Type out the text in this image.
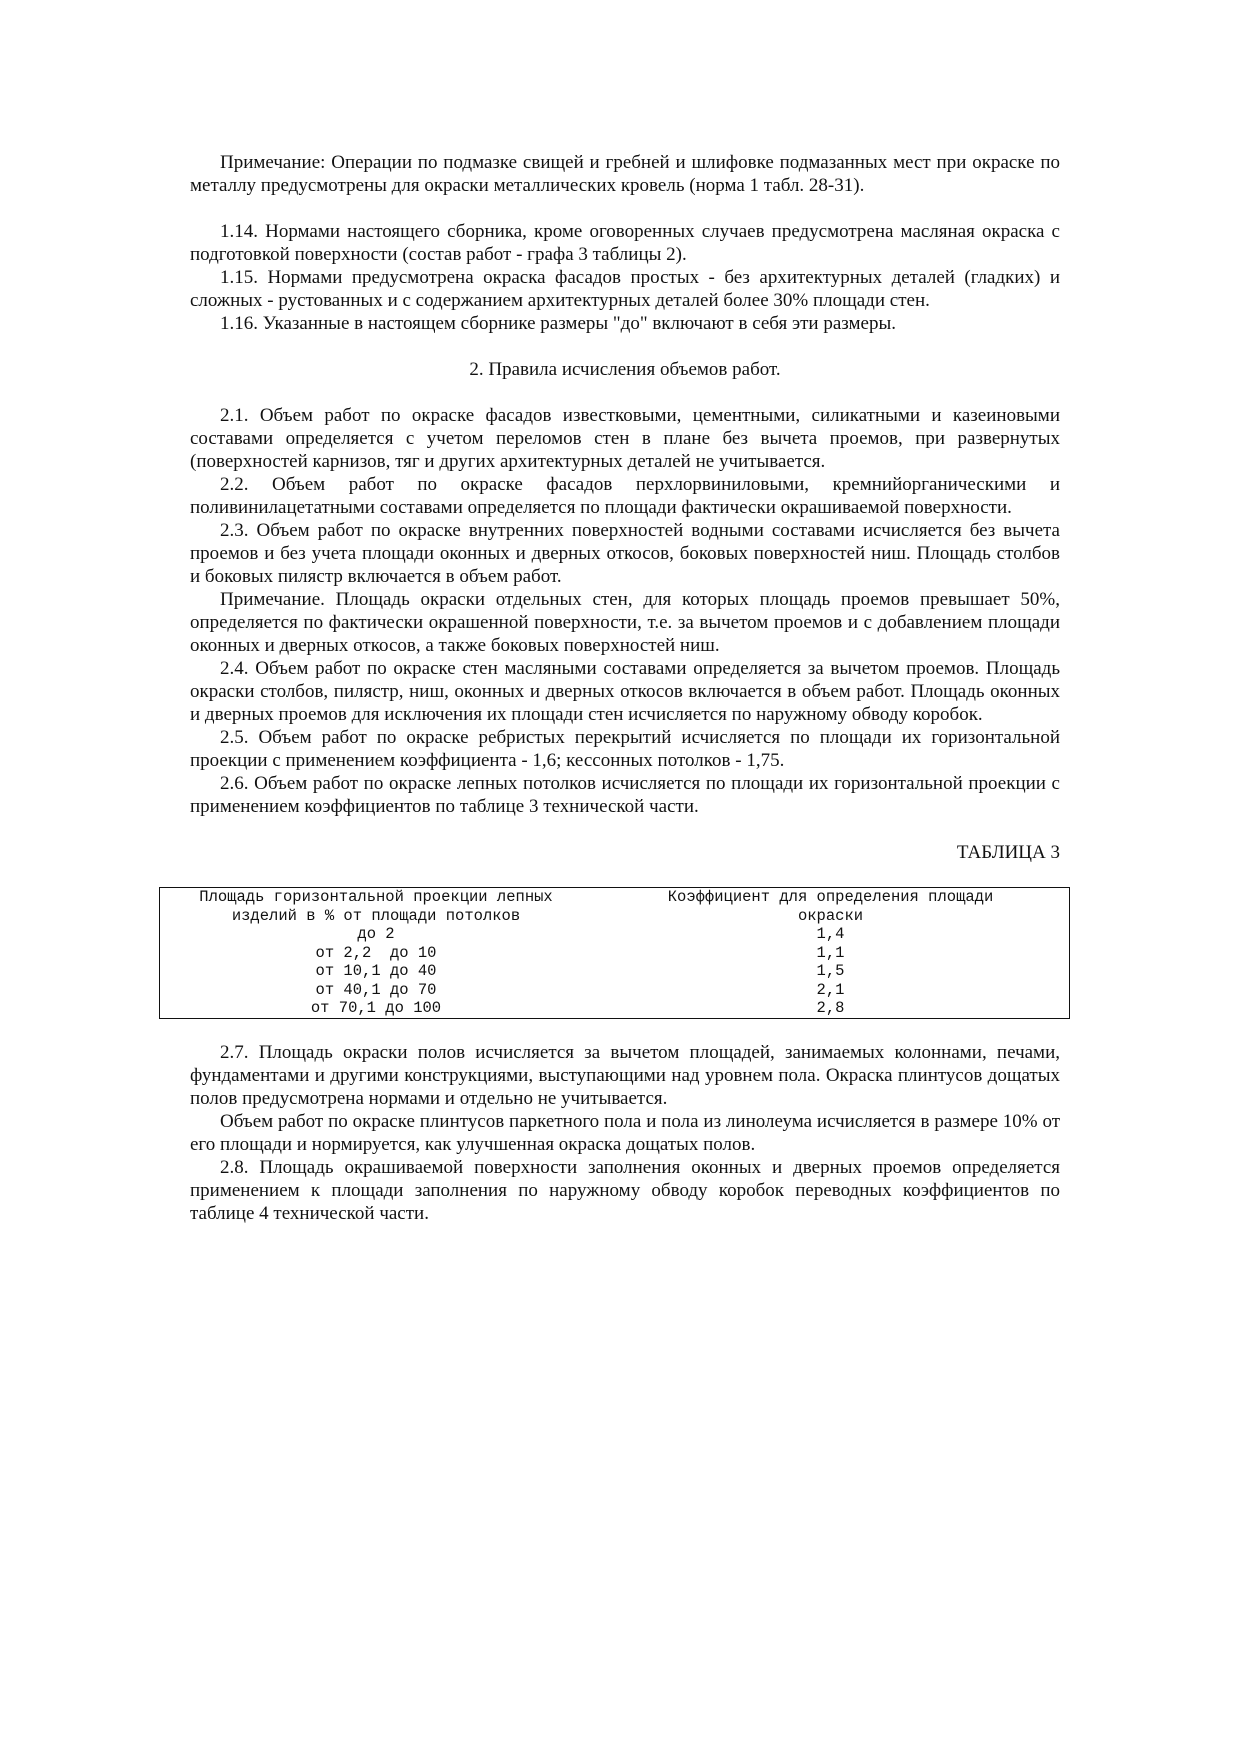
Примечание: Операции по подмазке свищей и гребней и шлифовке подмазанных мест при окраске по металлу предусмотрены для окраски металлических кровель (норма 1 табл. 28-31).

1.14. Нормами настоящего сборника, кроме оговоренных случаев предусмотрена масляная окраска с подготовкой поверхности (состав работ - графа 3 таблицы 2).

1.15. Нормами предусмотрена окраска фасадов простых - без архитектурных деталей (гладких) и сложных - рустованных и с содержанием архитектурных деталей более 30% площади стен.

1.16. Указанные в настоящем сборнике размеры "до" включают в себя эти размеры.

2. Правила исчисления объемов работ.

2.1. Объем работ по окраске фасадов известковыми, цементными, силикатными и казеиновыми составами определяется с учетом переломов стен в плане без вычета проемов, при развернутых (поверхностей карнизов, тяг и других архитектурных деталей не учитывается.

2.2. Объем работ по окраске фасадов перхлорвиниловыми, кремнийорганическими и поливинилацетатными составами определяется по площади фактически окрашиваемой поверхности.

2.3. Объем работ по окраске внутренних поверхностей водными составами исчисляется без вычета проемов и без учета площади оконных и дверных откосов, боковых поверхностей ниш. Площадь столбов и боковых пилястр включается в объем работ.

Примечание. Площадь окраски отдельных стен, для которых площадь проемов превышает 50%, определяется по фактически окрашенной поверхности, т.е. за вычетом проемов и с добавлением площади оконных и дверных откосов, а также боковых поверхностей ниш.

2.4. Объем работ по окраске стен масляными составами определяется за вычетом проемов. Площадь окраски столбов, пилястр, ниш, оконных и дверных откосов включается в объем работ. Площадь оконных и дверных проемов для исключения их площади стен исчисляется по наружному обводу коробок.

2.5. Объем работ по окраске ребристых перекрытий исчисляется по площади их горизонтальной проекции с применением коэффициента - 1,6; кессонных потолков - 1,75.

2.6. Объем работ по окраске лепных потолков исчисляется по площади их горизонтальной проекции с применением коэффициентов по таблице 3 технической части.

ТАБЛИЦА 3

Площадь горизонтальной проекции лепных	Коэффициент для определения площади
изделий в % от площади потолков	окраски
до 2	1,4
от 2,2  до 10	1,1
от 10,1 до 40	1,5
от 40,1 до 70	2,1
от 70,1 до 100	2,8

2.7. Площадь окраски полов исчисляется за вычетом площадей, занимаемых колоннами, печами, фундаментами и другими конструкциями, выступающими над уровнем пола. Окраска плинтусов дощатых полов предусмотрена нормами и отдельно не учитывается.

Объем работ по окраске плинтусов паркетного пола и пола из линолеума исчисляется в размере 10% от его площади и нормируется, как улучшенная окраска дощатых полов.

2.8. Площадь окрашиваемой поверхности заполнения оконных и дверных проемов определяется применением к площади заполнения по наружному обводу коробок переводных коэффициентов по таблице 4 технической части.
